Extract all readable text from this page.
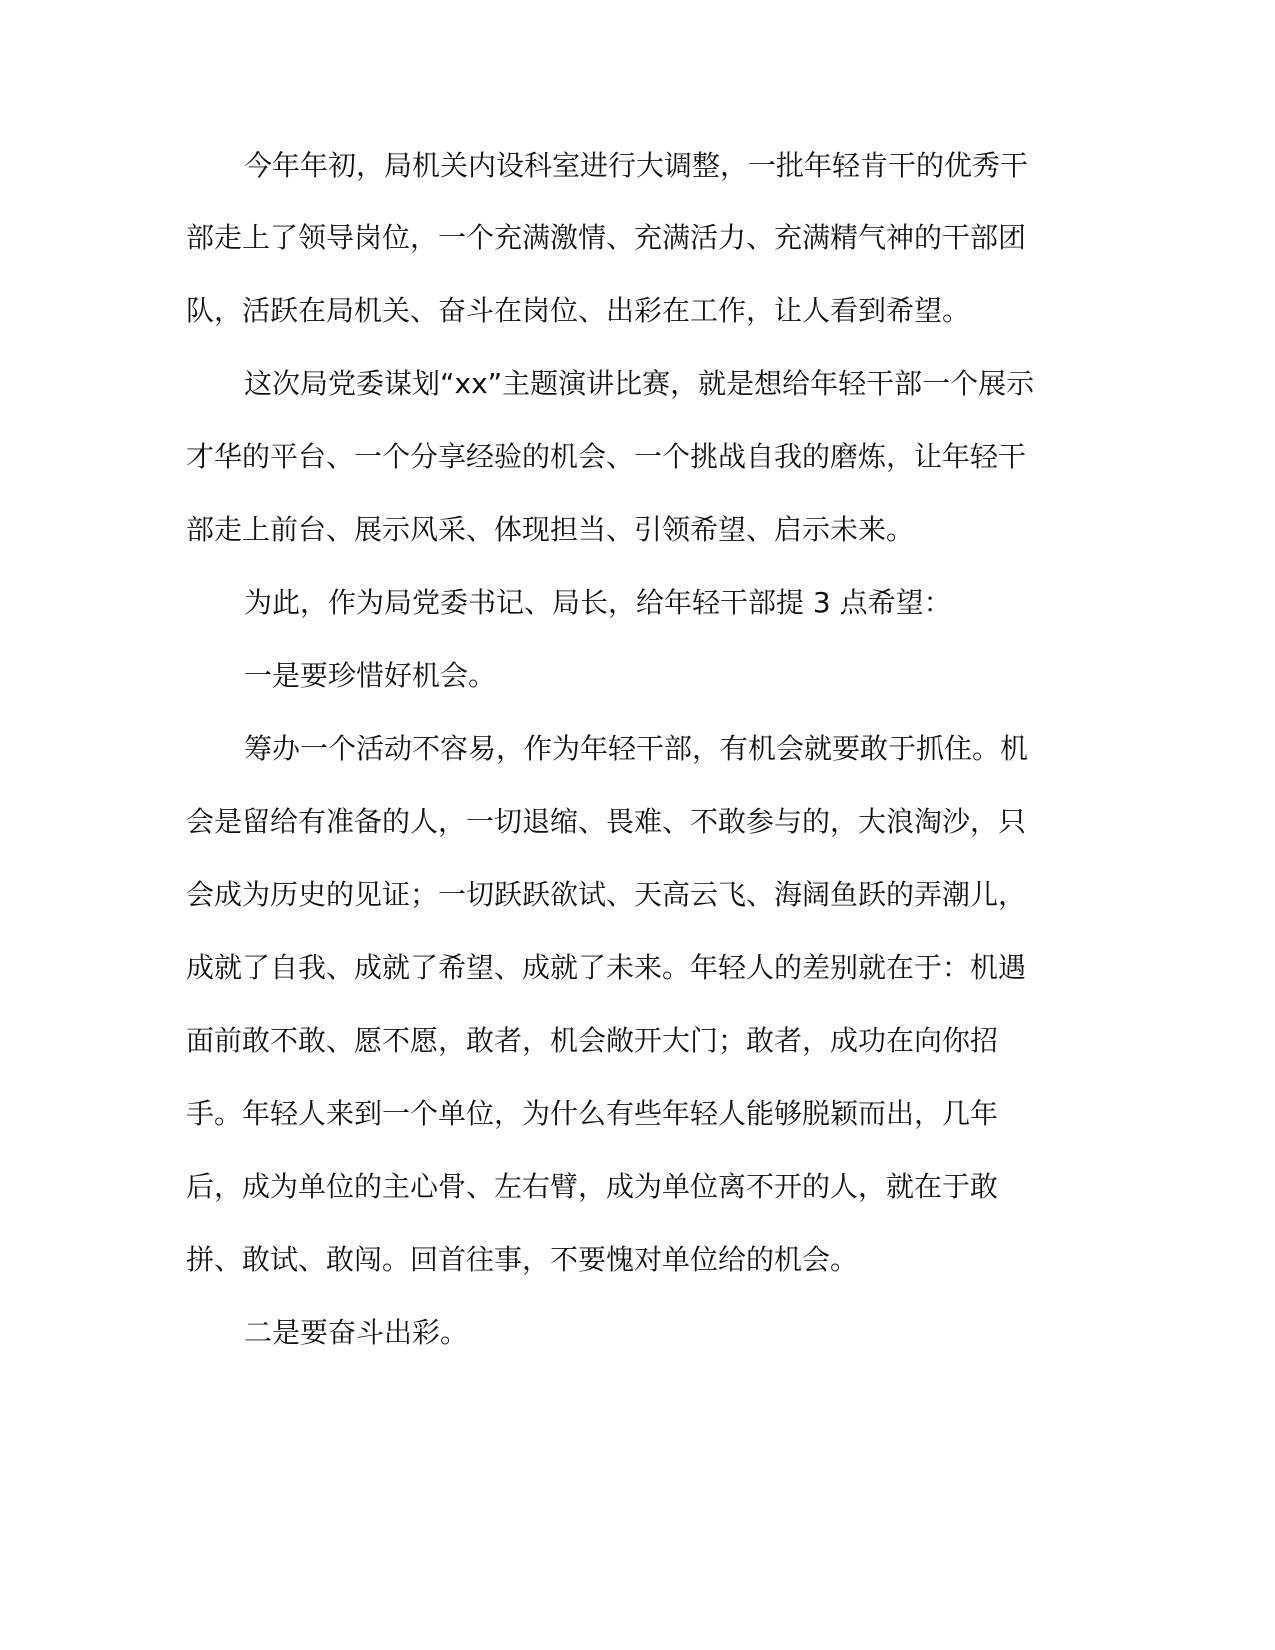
今年年初，局机关内设科室进行大调整，一批年轻肯干的优秀干
部走上了领导岗位，一个充满激情、充满活力、充满精气神的干部团
队，活跃在局机关、奋斗在岗位、出彩在工作，让人看到希望。
这次局党委谋划“xx”主题演讲比赛，就是想给年轻干部一个展示
才华的平台、一个分享经验的机会、一个挑战自我的磨炼，让年轻干
部走上前台、展示风采、体现担当、引领希望、启示未来。
为此，作为局党委书记、局长，给年轻干部提 3 点希望：
一是要珍惜好机会。
筹办一个活动不容易，作为年轻干部，有机会就要敢于抓住。机
会是留给有准备的人，一切退缩、畏难、不敢参与的，大浪淘沙，只
会成为历史的见证；一切跃跃欲试、天高云飞、海阔鱼跃的弄潮儿，
成就了自我、成就了希望、成就了未来。年轻人的差别就在于：机遇
面前敢不敢、愿不愿，敢者，机会敞开大门；敢者，成功在向你招
手。年轻人来到一个单位，为什么有些年轻人能够脱颖而出，几年
后，成为单位的主心骨、左右臂，成为单位离不开的人，就在于敢
拼、敢试、敢闯。回首往事，不要愧对单位给的机会。
二是要奋斗出彩。
